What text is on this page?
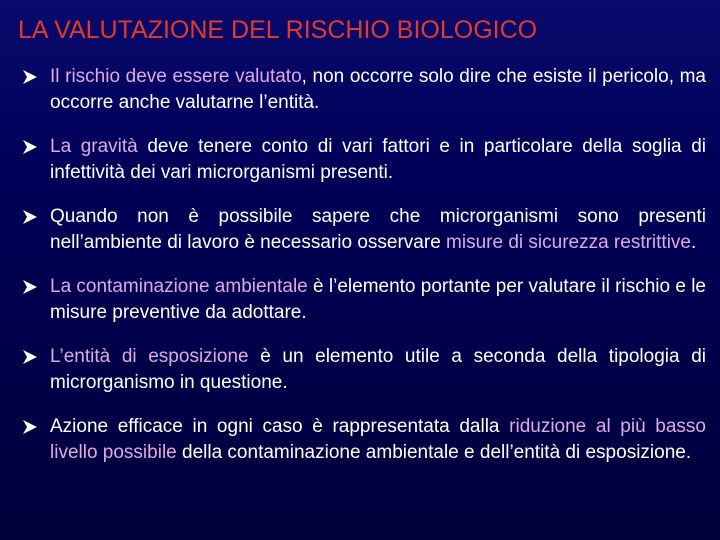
LA VALUTAZIONE DEL RISCHIO BIOLOGICO
Il rischio deve essere valutato, non occorre solo dire che esiste il pericolo, ma occorre anche valutarne l’entità.
La gravità deve tenere conto di vari fattori e in particolare della soglia di infettività dei vari microrganismi presenti.
Quando non è possibile sapere che microrganismi sono presenti nell’ambiente di lavoro è necessario osservare misure di sicurezza restrittive.
La contaminazione ambientale è l’elemento portante per valutare il rischio e le misure preventive da adottare.
L’entità di esposizione è un elemento utile a seconda della tipologia di microrganismo in questione.
Azione efficace in ogni caso è rappresentata dalla riduzione al più basso livello possibile della contaminazione ambientale e dell’entità di esposizione.
